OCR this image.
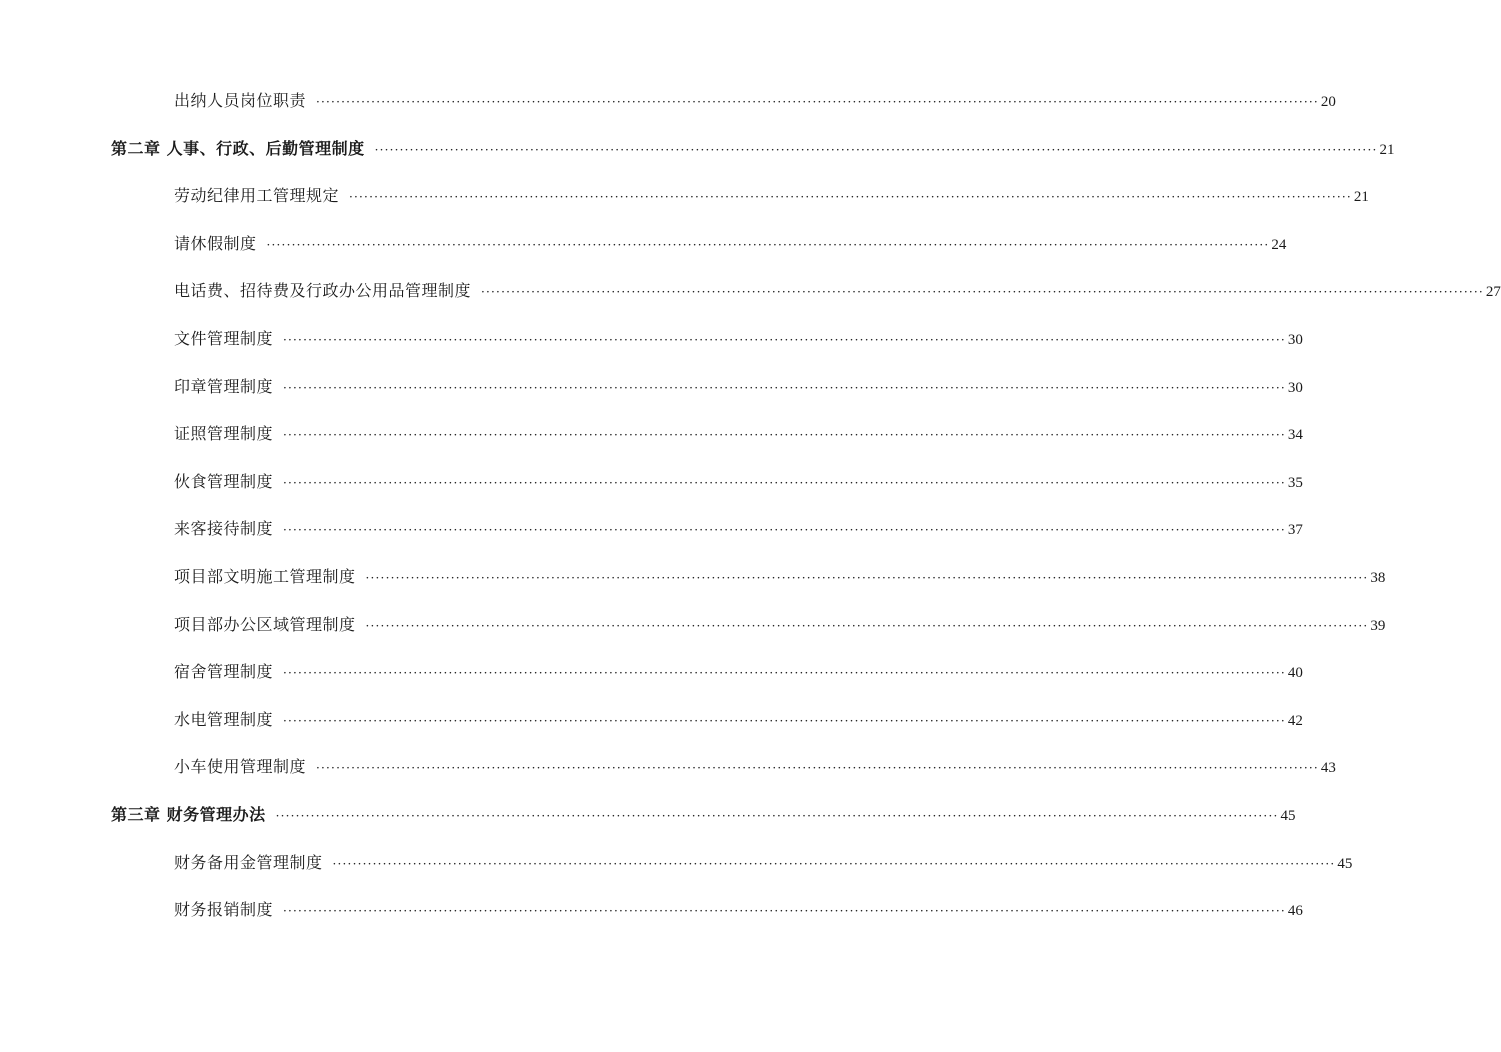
出纳人员岗位职责 ········································································································································································································ 20
第二章 人事、行政、后勤管理制度 ········································································································································································································ 21
劳动纪律用工管理规定 ········································································································································································································ 21
请休假制度 ········································································································································································································ 24
电话费、招待费及行政办公用品管理制度 ········································································································································································································ 27
文件管理制度 ········································································································································································································ 30
印章管理制度 ········································································································································································································ 30
证照管理制度 ········································································································································································································ 34
伙食管理制度 ········································································································································································································ 35
来客接待制度 ········································································································································································································ 37
项目部文明施工管理制度 ········································································································································································································ 38
项目部办公区域管理制度 ········································································································································································································ 39
宿舍管理制度 ········································································································································································································ 40
水电管理制度 ········································································································································································································ 42
小车使用管理制度 ········································································································································································································ 43
第三章 财务管理办法 ········································································································································································································ 45
财务备用金管理制度 ········································································································································································································ 45
财务报销制度 ········································································································································································································ 46
